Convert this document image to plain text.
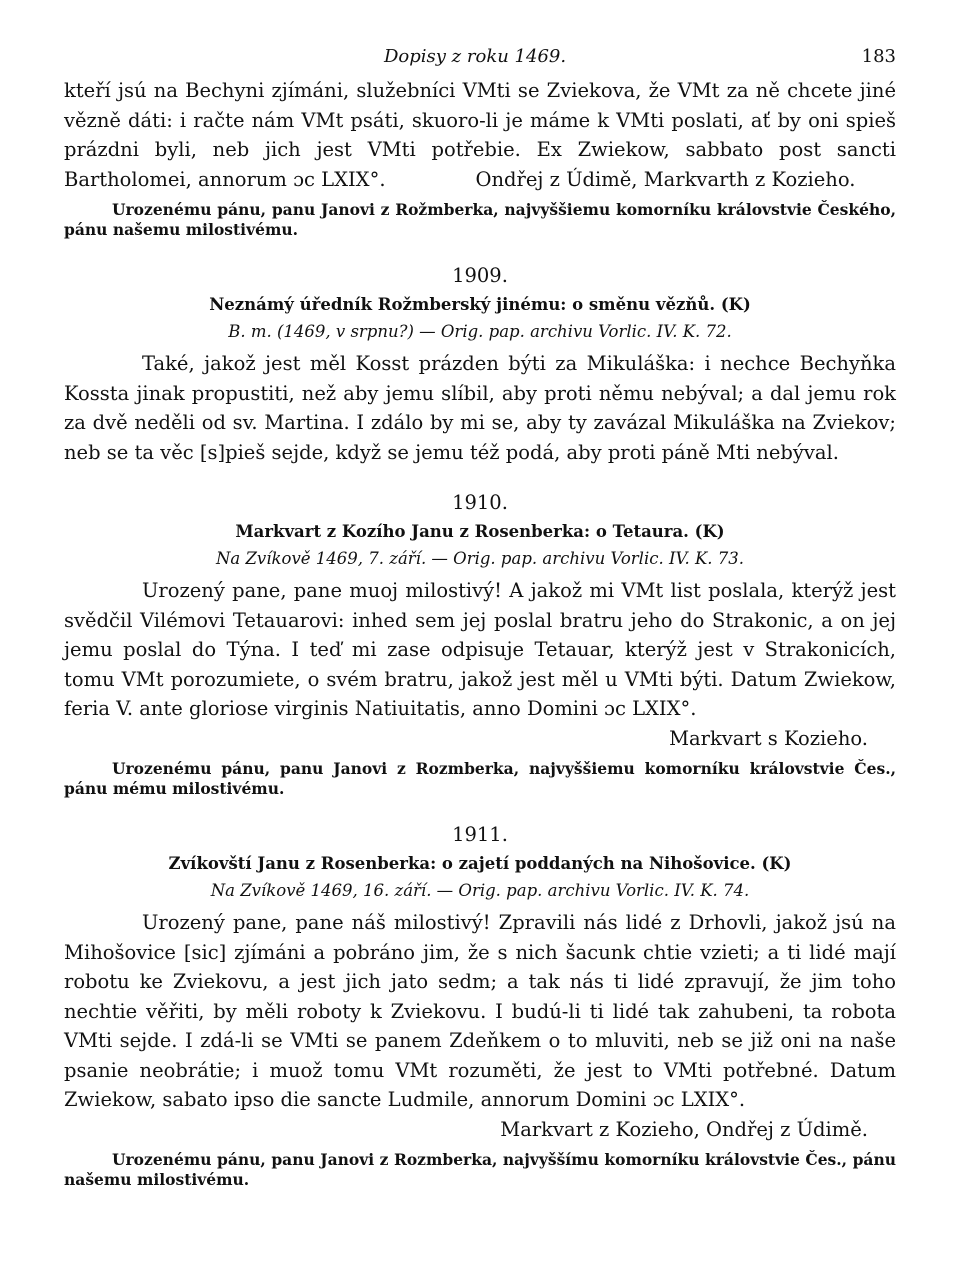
Dopisy z roku 1469.	183

kteří jsú na Bechyni zjímáni, služebníci VMti se Zviekova, že VMt za ně chcete jiné vězně dáti: i račte nám VMt psáti, skuoro-li je máme k VMti poslati, ať by oni spieš prázdni byli, neb jich jest VMti potřebie. Ex Zwiekow, sabbato post sancti Bartholomei, annorum ɔc LXIX°.	Ondřej z Údimě, Markvarth z Kozieho.

Urozenému pánu, panu Janovi z Rožmberka, najvyššiemu komorníku královstvie Českého, pánu našemu milostivému.

1909.

Neznámý úředník Rožmberský jinému: o směnu vězňů. (K)

B. m. (1469, v srpnu?) — Orig. pap. archivu Vorlic. IV. K. 72.

Také, jakož jest měl Kosst prázden býti za Mikuláška: i nechce Bechyňka Kossta jinak propustiti, než aby jemu slíbil, aby proti němu nebýval; a dal jemu rok za dvě neděli od sv. Martina. I zdálo by mi se, aby ty zavázal Mikuláška na Zviekov; neb se ta věc [s]pieš sejde, když se jemu též podá, aby proti páně Mti nebýval.

1910.

Markvart z Kozího Janu z Rosenberka: o Tetaura. (K)

Na Zvíkově 1469, 7. září. — Orig. pap. archivu Vorlic. IV. K. 73.

Urozený pane, pane muoj milostivý! A jakož mi VMt list poslala, kterýž jest svědčil Vilémovi Tetauarovi: inhed sem jej poslal bratru jeho do Strakonic, a on jej jemu poslal do Týna. I teď mi zase odpisuje Tetauar, kterýž jest v Strakonicích, tomu VMt porozumiete, o svém bratru, jakož jest měl u VMti býti. Datum Zwiekow, feria V. ante gloriose virginis Natiuitatis, anno Domini ɔc LXIX°.

Markvart s Kozieho.

Urozenému pánu, panu Janovi z Rozmberka, najvyššiemu komorníku královstvie Čes., pánu mému milostivému.

1911.

Zvíkovští Janu z Rosenberka: o zajetí poddaných na Nihošovice. (K)

Na Zvíkově 1469, 16. září. — Orig. pap. archivu Vorlic. IV. K. 74.

Urozený pane, pane náš milostivý! Zpravili nás lidé z Drhovli, jakož jsú na Mihošovice [sic] zjímáni a pobráno jim, že s nich šacunk chtie vzieti; a ti lidé mají robotu ke Zviekovu, a jest jich jato sedm; a tak nás ti lidé zpravují, že jim toho nechtie věřiti, by měli roboty k Zviekovu. I budú-li ti lidé tak zahubeni, ta robota VMti sejde. I zdá-li se VMti se panem Zdeňkem o to mluviti, neb se již oni na naše psanie neobrátie; i muož tomu VMt rozuměti, že jest to VMti potřebné. Datum Zwiekow, sabato ipso die sancte Ludmile, annorum Domini ɔc LXIX°.

Markvart z Kozieho, Ondřej z Údimě.

Urozenému pánu, panu Janovi z Rozmberka, najvyššímu komorníku královstvie Čes., pánu našemu milostivému.
